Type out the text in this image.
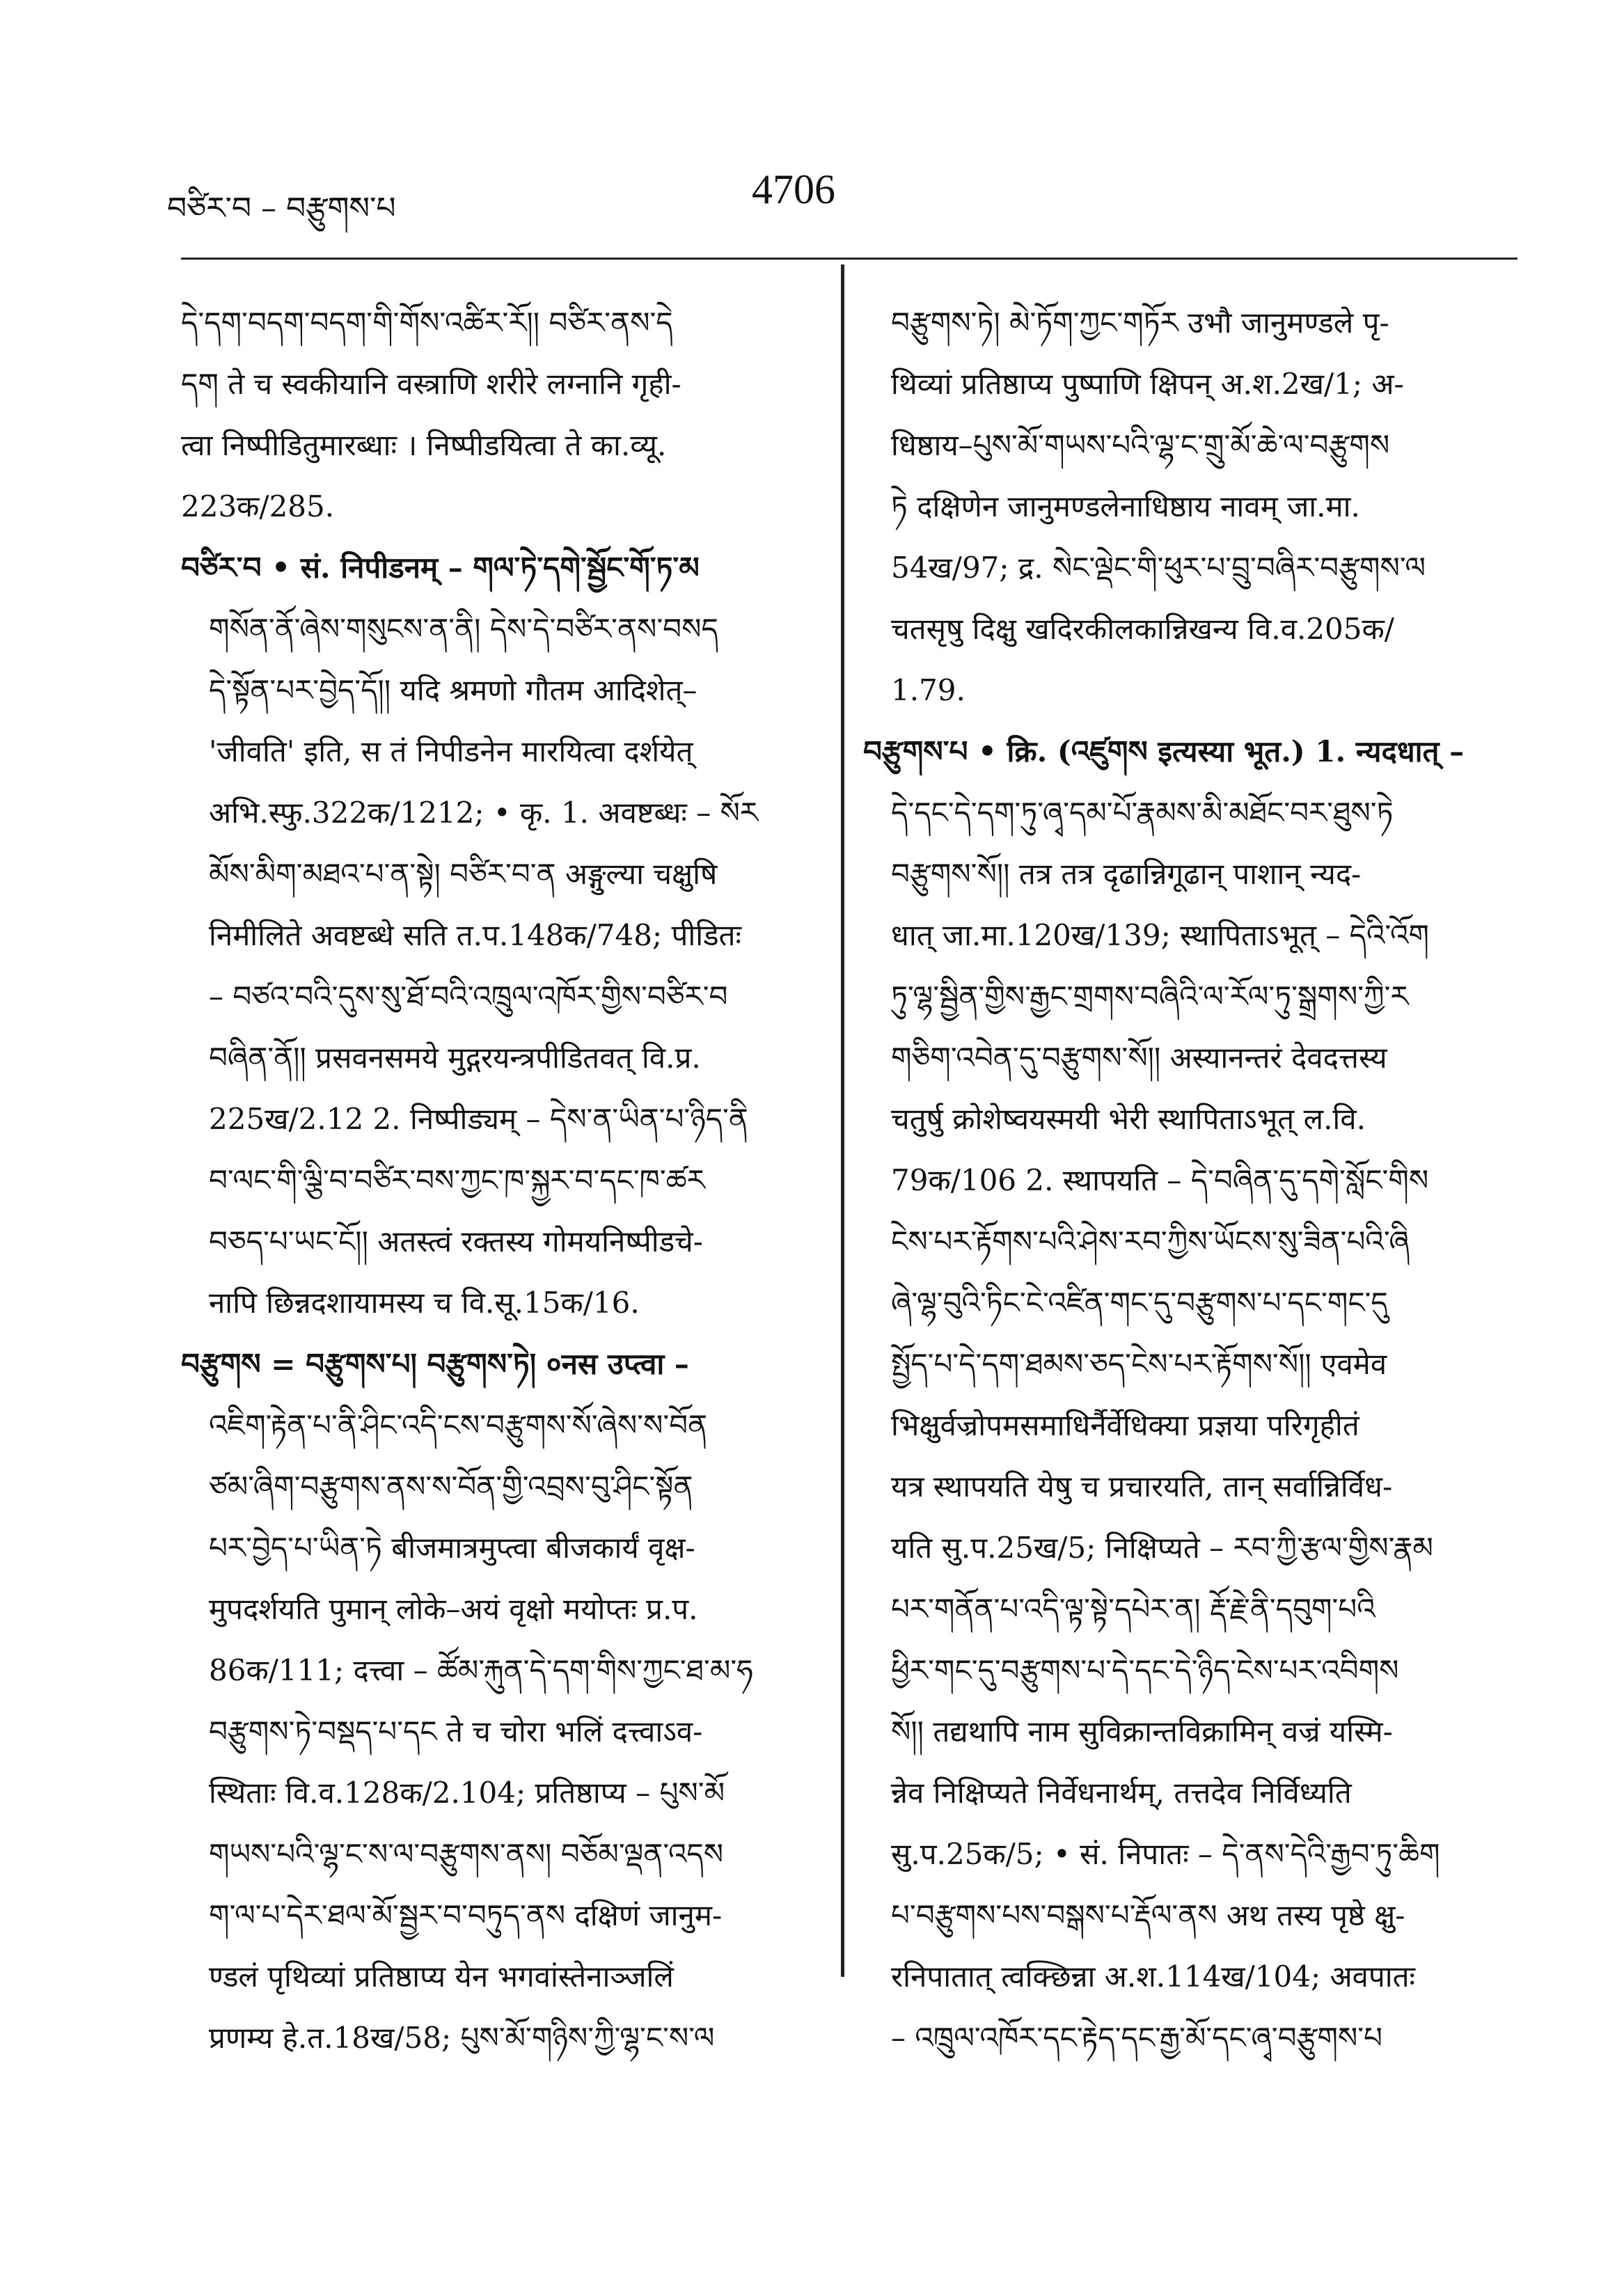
བཙིར་བ – བརྩུགས་པ	4706
དེ་དག་བདག་བདག་གི་གོས་འཚིར་རོ།། བཙིར་ནས་དེ
དག ते च स्वकीयानि वस्त्राणि शरीरे लग्नानि गृही-
त्वा निष्पीडितुमारब्धाः । निष्पीडयित्वा ते का.व्यू.
223क/285.
བཙིར་བ • सं. निपीडनम् – གལ་ཏེ་དགེ་སྦྱོང་གོ་ཏ་མ
གསོན་ནོ་ཞེས་གསུངས་ན་ནི། དེས་དེ་བཙིར་ནས་བསད
དེ་སྟོན་པར་བྱེད་དོ།། यदि श्रमणो गौतम आदिशेत्–
'जीवति' इति, स तं निपीडनेन मारयित्वा दर्शयेत्
अभि.स्फु.322क/1212; • कृ. 1. अवष्टब्धः – སོར
མོས་མིག་མཐའ་པ་ན་སྟེ། བཙིར་བ་ན अङ्गुल्या चक्षुषि
निमीलिते अवष्टब्धे सति त.प.148क/748; पीडितः
– བཙའ་བའི་དུས་སུ་ཐོ་བའི་འཁྲུལ་འཁོར་གྱིས་བཙིར་བ
བཞིན་ནོ།། प्रसवनसमये मुद्गरयन्त्रपीडितवत् वि.प्र.
225ख/2.12 2. निष्पीड्यम् – དེས་ན་ཡིན་པ་ཉིད་ནི
བ་ལང་གི་ལྕི་བ་བཙིར་བས་ཀྱང་ཁ་སྐྱར་བ་དང་ཁ་ཚར
བཅད་པ་ཡང་ངོ།། अतस्त्वं रक्तस्य गोमयनिष्पीडचे-
नापि छिन्नदशायामस्य च वि.सू.15क/16.
བརྩུགས = བརྩུགས་པ། བརྩུགས་ཏེ། ०नस उप्त्वा –
འཇིག་རྟེན་པ་ནི་ཤིང་འདི་ངས་བརྩུགས་སོ་ཞེས་ས་བོན
ཙམ་ཞིག་བརྩུགས་ནས་ས་བོན་གྱི་འབྲས་བུ་ཤིང་སྟོན
པར་བྱེད་པ་ཡིན་ཏེ बीजमात्रमुप्त्वा बीजकार्यं वृक्ष-
मुपदर्शयति पुमान् लोके–अयं वृक्षो मयोप्तः प्र.प.
86क/111; दत्त्वा – ཚོམ་རྐུན་དེ་དག་གིས་ཀྱང་ཐ་མ་ཧ
བརྩུགས་ཏེ་བསྡད་པ་དང ते च चोरा भलिं दत्त्वाऽव-
स्थिताः वि.व.128क/2.104; प्रतिष्ठाप्य – པུས་མོ
གཡས་པའི་ལྷ་ང་ས་ལ་བརྩུགས་ནས། བཅོམ་ལྡན་འདས
ག་ལ་པ་དེར་ཐལ་མོ་སྦྱར་བ་བཏུད་ནས दक्षिणं जानुम-
ण्डलं पृथिव्यां प्रतिष्ठाप्य येन भगवांस्तेनाञ्जलिं
प्रणम्य हे.त.18ख/58; པུས་མོ་གཉིས་ཀྱི་ལྷ་ང་ས་ལ
བརྩུགས་ཏེ། མེ་ཏོག་ཀྱང་གཏོར उभौ जानुमण्डले पृ-
थिव्यां प्रतिष्ठाप्य पुष्पाणि क्षिपन् अ.श.2ख/1; अ-
धिष्ठाय–པུས་མོ་གཡས་པའི་ལྷ་ང་གྲུ་མོ་ཆེ་ལ་བརྩུགས
ཏེ दक्षिणेन जानुमण्डलेनाधिष्ठाय नावम् जा.मा.
54ख/97; द्र. སེང་ལྡེང་གི་ཕུར་པ་བྲུ་བཞིར་བརྩུགས་ལ
चतसृषु दिक्षु खदिरकीलकान्निखन्य वि.व.205क/
1.79.
བརྩུགས་པ • क्रि. (འཛུགས इत्यस्या भूत.) 1. न्यदधात् –
དེ་དང་དེ་དག་ཏུ་ཞྭ་དམ་པོ་རྣམས་མི་མཐོང་བར་ཐུས་ཏེ
བརྩུགས་སོ།། तत्र तत्र दृढान्निगूढान् पाशान् न्यद-
धात् जा.मा.120ख/139; स्थापिताऽभूत् – དེའི་འོག
ཏུ་ལྷ་སྦྱིན་གྱིས་རྒྱང་གྲགས་བཞིའི་ལ་རོལ་ཏུ་སྒྲགས་ཀྱི་ར
གཅིག་འབེན་དུ་བརྩུགས་སོ།། अस्यानन्तरं देवदत्तस्य
चतुर्षु क्रोशेष्वयस्मयी भेरी स्थापिताऽभूत् ल.वि.
79क/106 2. स्थापयति – དེ་བཞིན་དུ་དགེ་སློང་གིས
ངེས་པར་རྟོགས་པའི་ཤེས་རབ་ཀྱིས་ཡོངས་སུ་ཟིན་པའི་ཞི
ཞེ་ལྷ་བུའི་ཏིང་ངེ་འཛིན་གང་དུ་བརྩུགས་པ་དང་གང་དུ
སྤྱོད་པ་དེ་དག་ཐམས་ཅད་ངེས་པར་རྟོགས་སོ།། एवमेव
भिक्षुर्वज्रोपमसमाधिर्नैर्वेधिक्या प्रज्ञया परिगृहीतं
यत्र स्थापयति येषु च प्रचारयति, तान् सर्वान्निर्विध-
यति सु.प.25ख/5; निक्षिप्यते – རབ་ཀྱི་རྩལ་གྱིས་རྣམ
པར་གནོན་པ་འདི་ལྟ་སྟེ་དཔེར་ན། རྡོ་རྗེ་ནི་དབུག་པའི
ཕྱིར་གང་དུ་བརྩུགས་པ་དེ་དང་དེ་ཉིད་ངེས་པར་འབིགས
སོ།། तद्यथापि नाम सुविक्रान्तविक्रामिन् वज्रं यस्मि-
न्नेव निक्षिप्यते निर्वेधनार्थम्, तत्तदेव निर्विध्यति
सु.प.25क/5; • सं. निपातः – དེ་ནས་དེའི་རྒྱབ་ཏུ་ཆིག
པ་བརྩུགས་པས་བསྒས་པ་རྡོལ་ནས अथ तस्य पृष्ठे क्षु-
रनिपातात् त्वक्छिन्ना अ.श.114ख/104; अवपातः
– འཁྲུལ་འཁོར་དང་རྟེད་དང་རྒྱ་མོ་དང་ཞྭ་བརྩུགས་པ
